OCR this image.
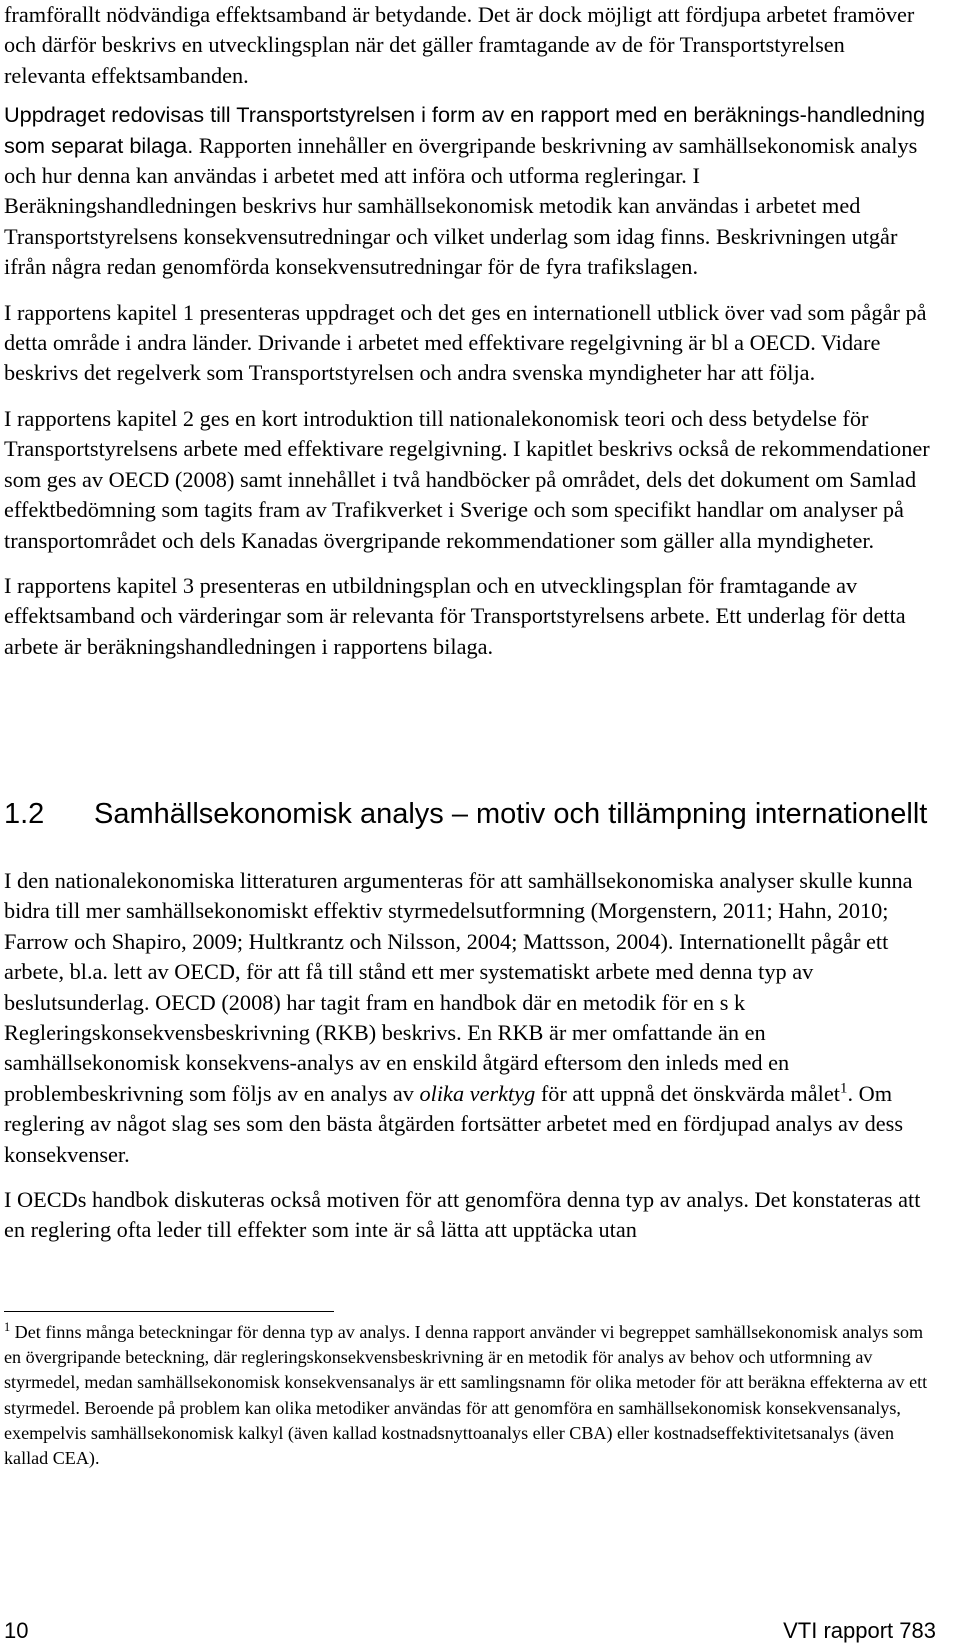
framförallt nödvändiga effektsamband är betydande. Det är dock möjligt att fördjupa arbetet framöver och därför beskrivs en utvecklingsplan när det gäller framtagande av de för Transportstyrelsen relevanta effektsambanden.

Uppdraget redovisas till Transportstyrelsen i form av en rapport med en beräknings-handledning som separat bilaga. Rapporten innehåller en övergripande beskrivning av samhällsekonomisk analys och hur denna kan användas i arbetet med att införa och utforma regleringar. I Beräkningshandledningen beskrivs hur samhällsekonomisk metodik kan användas i arbetet med Transportstyrelsens konsekvensutredningar och vilket underlag som idag finns. Beskrivningen utgår ifrån några redan genomförda konsekvensutredningar för de fyra trafikslagen.

I rapportens kapitel 1 presenteras uppdraget och det ges en internationell utblick över vad som pågår på detta område i andra länder. Drivande i arbetet med effektivare regelgivning är bl a OECD. Vidare beskrivs det regelverk som Transportstyrelsen och andra svenska myndigheter har att följa.

I rapportens kapitel 2 ges en kort introduktion till nationalekonomisk teori och dess betydelse för Transportstyrelsens arbete med effektivare regelgivning. I kapitlet beskrivs också de rekommendationer som ges av OECD (2008) samt innehållet i två handböcker på området, dels det dokument om Samlad effektbedömning som tagits fram av Trafikverket i Sverige och som specifikt handlar om analyser på transportområdet och dels Kanadas övergripande rekommendationer som gäller alla myndigheter.

I rapportens kapitel 3 presenteras en utbildningsplan och en utvecklingsplan för framtagande av effektsamband och värderingar som är relevanta för Transportstyrelsens arbete. Ett underlag för detta arbete är beräkningshandledningen i rapportens bilaga.

1.2 Samhällsekonomisk analys – motiv och tillämpning internationellt

I den nationalekonomiska litteraturen argumenteras för att samhällsekonomiska analyser skulle kunna bidra till mer samhällsekonomiskt effektiv styrmedelsutformning (Morgenstern, 2011; Hahn, 2010; Farrow och Shapiro, 2009; Hultkrantz och Nilsson, 2004; Mattsson, 2004). Internationellt pågår ett arbete, bl.a. lett av OECD, för att få till stånd ett mer systematiskt arbete med denna typ av beslutsunderlag. OECD (2008) har tagit fram en handbok där en metodik för en s k Regleringskonsekvensbeskrivning (RKB) beskrivs. En RKB är mer omfattande än en samhällsekonomisk konsekvens-analys av en enskild åtgärd eftersom den inleds med en problembeskrivning som följs av en analys av olika verktyg för att uppnå det önskvärda målet$^1$. Om reglering av något slag ses som den bästa åtgärden fortsätter arbetet med en fördjupad analys av dess konsekvenser.

I OECDs handbok diskuteras också motiven för att genomföra denna typ av analys. Det konstateras att en reglering ofta leder till effekter som inte är så lätta att upptäcka utan

$^1$ Det finns många beteckningar för denna typ av analys. I denna rapport använder vi begreppet samhällsekonomisk analys som en övergripande beteckning, där regleringskonsekvensbeskrivning är en metodik för analys av behov och utformning av styrmedel, medan samhällsekonomisk konsekvensanalys är ett samlingsnamn för olika metoder för att beräkna effekterna av ett styrmedel. Beroende på problem kan olika metodiker användas för att genomföra en samhällsekonomisk konsekvensanalys, exempelvis samhällsekonomisk kalkyl (även kallad kostnadsnyttoanalys eller CBA) eller kostnadseffektivitetsanalys (även kallad CEA).

10	VTI rapport 783
